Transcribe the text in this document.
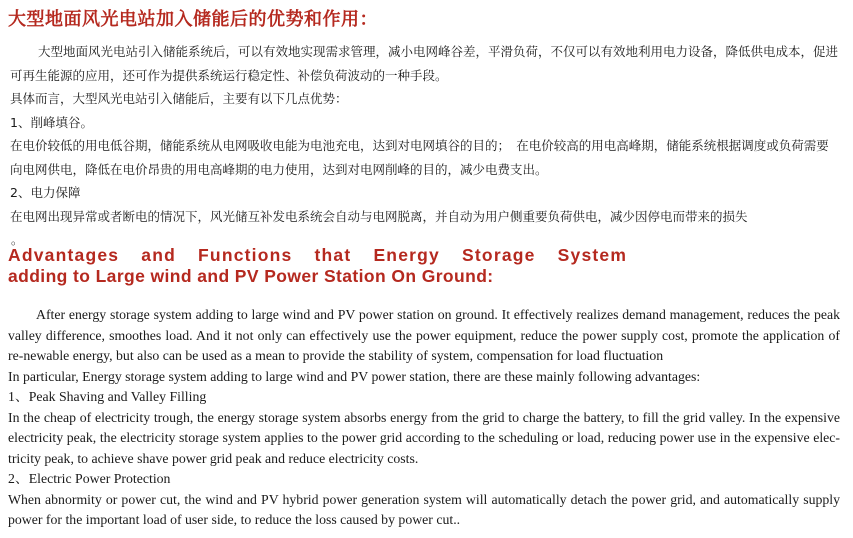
大型地面风光电站加入储能后的优势和作用：

大型地面风光电站引入储能系统后，可以有效地实现需求管理，减小电网峰谷差，平滑负荷，不仅可以有效地利用电力设备，降低供电成本，促进可再生能源的应用，还可作为提供系统运行稳定性、补偿负荷波动的一种手段。

具体而言，大型风光电站引入储能后，主要有以下几点优势：

1、削峰填谷。

在电价较低的用电低谷期，储能系统从电网吸收电能为电池充电，达到对电网填谷的目的；　在电价较高的用电高峰期，储能系统根据调度或负荷需要向电网供电，降低在电价昂贵的用电高峰期的电力使用，达到对电网削峰的目的，减少电费支出。

2、电力保障

在电网出现异常或者断电的情况下，风光储互补发电系统会自动与电网脱离，并自动为用户侧重要负荷供电，减少因停电而带来的损失

。
Advantages and Functions that Energy Storage System
adding to Large wind and PV Power Station On Ground:

After energy storage system adding to large wind and PV power station on ground. It effectively realizes demand management, reduces the peak valley difference, smoothes load. And it not only can effectively use the power equipment, reduce the power supply cost, promote the application of re-newable energy, but also can be used as a mean to provide the stability of system, compensation for load fluctuation

In particular, Energy storage system adding to large wind and PV power station, there are these mainly following advantages:

1、Peak Shaving and Valley Filling

In the cheap of electricity trough, the energy storage system absorbs energy from the grid to charge the battery, to fill the grid valley. In the expensive electricity peak, the electricity storage system applies to the power grid according to the scheduling or load, reducing power use in the expensive elec-tricity peak, to achieve shave power grid peak and reduce electricity costs.

2、Electric Power Protection

When abnormity or power cut, the wind and PV hybrid power generation system will automatically detach the power grid, and automatically supply power for the important load of user side, to reduce the loss caused by power cut..
